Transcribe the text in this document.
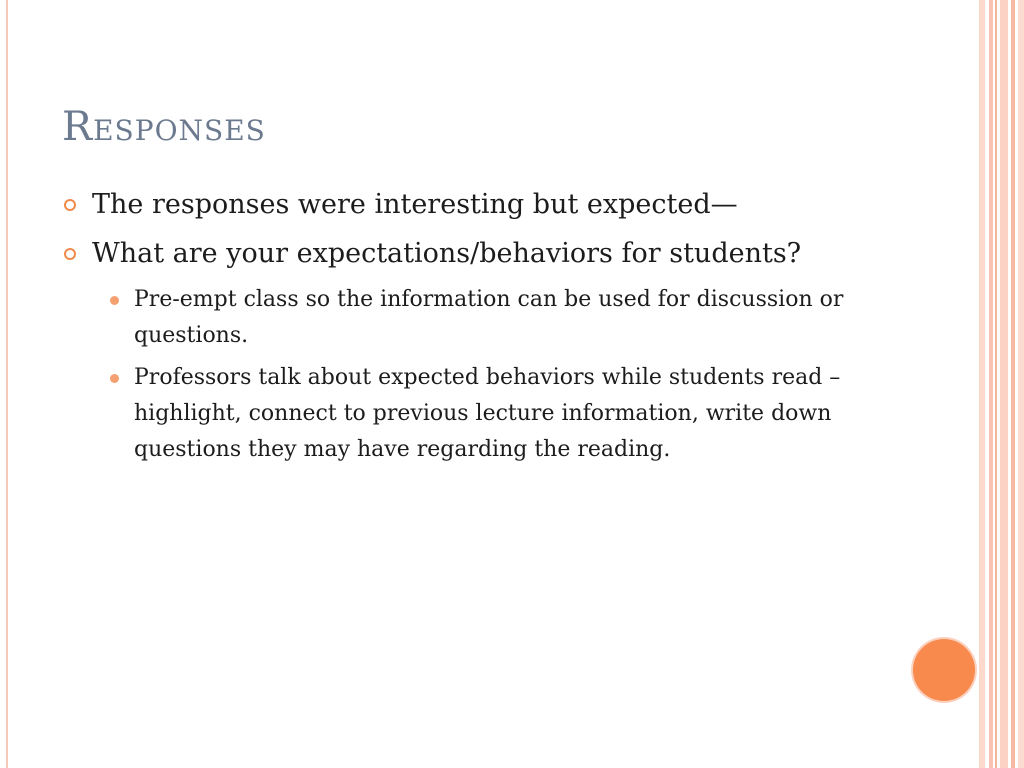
Responses
The responses were interesting but expected—
What are your expectations/behaviors for students?
Pre-empt class so the information can be used for discussion or questions.
Professors talk about expected behaviors while students read – highlight, connect to previous lecture information, write down questions they may have regarding the reading.
